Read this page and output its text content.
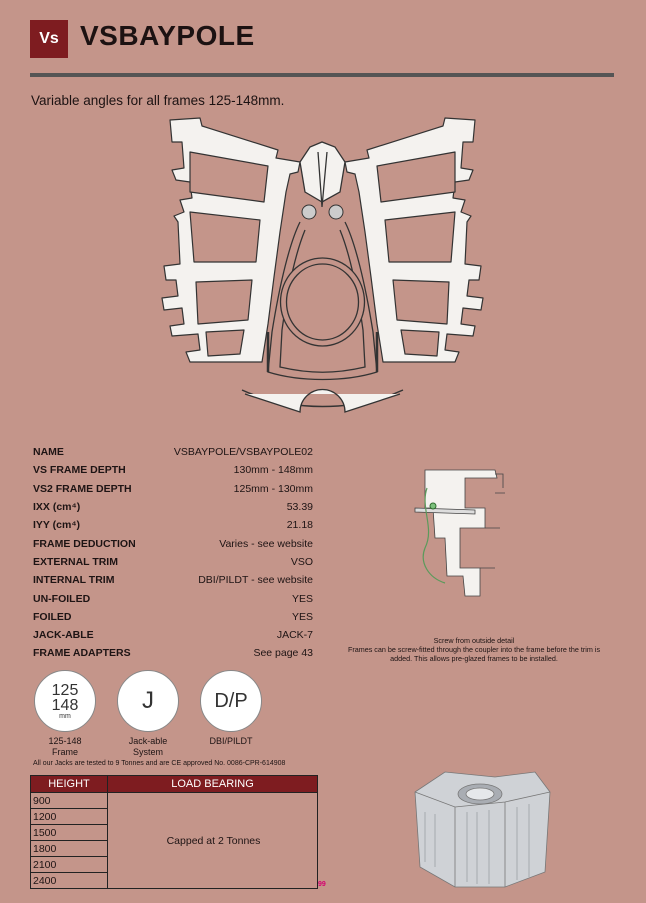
Vs VSBAYPOLE
Variable angles for all frames 125-148mm.
NAME	VSBAYPOLE/VSBAYPOLE02
VS FRAME DEPTH	130mm - 148mm
VS2 FRAME DEPTH	125mm - 130mm
IXX (cm⁴)	53.39
IYY (cm⁴)	21.18
FRAME DEDUCTION	Varies - see website
EXTERNAL TRIM	VSO
INTERNAL TRIM	DBI/PILDT - see website
UN-FOILED	YES
FOILED	YES
JACK-ABLE	JACK-7
FRAME ADAPTERS	See page 43
Screw from outside detail
Frames can be screw-fitted through the coupler into the frame before the trim is
added. This allows pre-glazed frames to be installed.
125
148
mm
125-148
Frame
J
Jack-able
System
D/P
DBI/PILDT
All our Jacks are tested to 9 Tonnes and are CE approved No. 0086-CPR-614908
HEIGHT	LOAD BEARING
900	Capped at 2 Tonnes
1200	
1500	
1800	
2100	
2400		99
